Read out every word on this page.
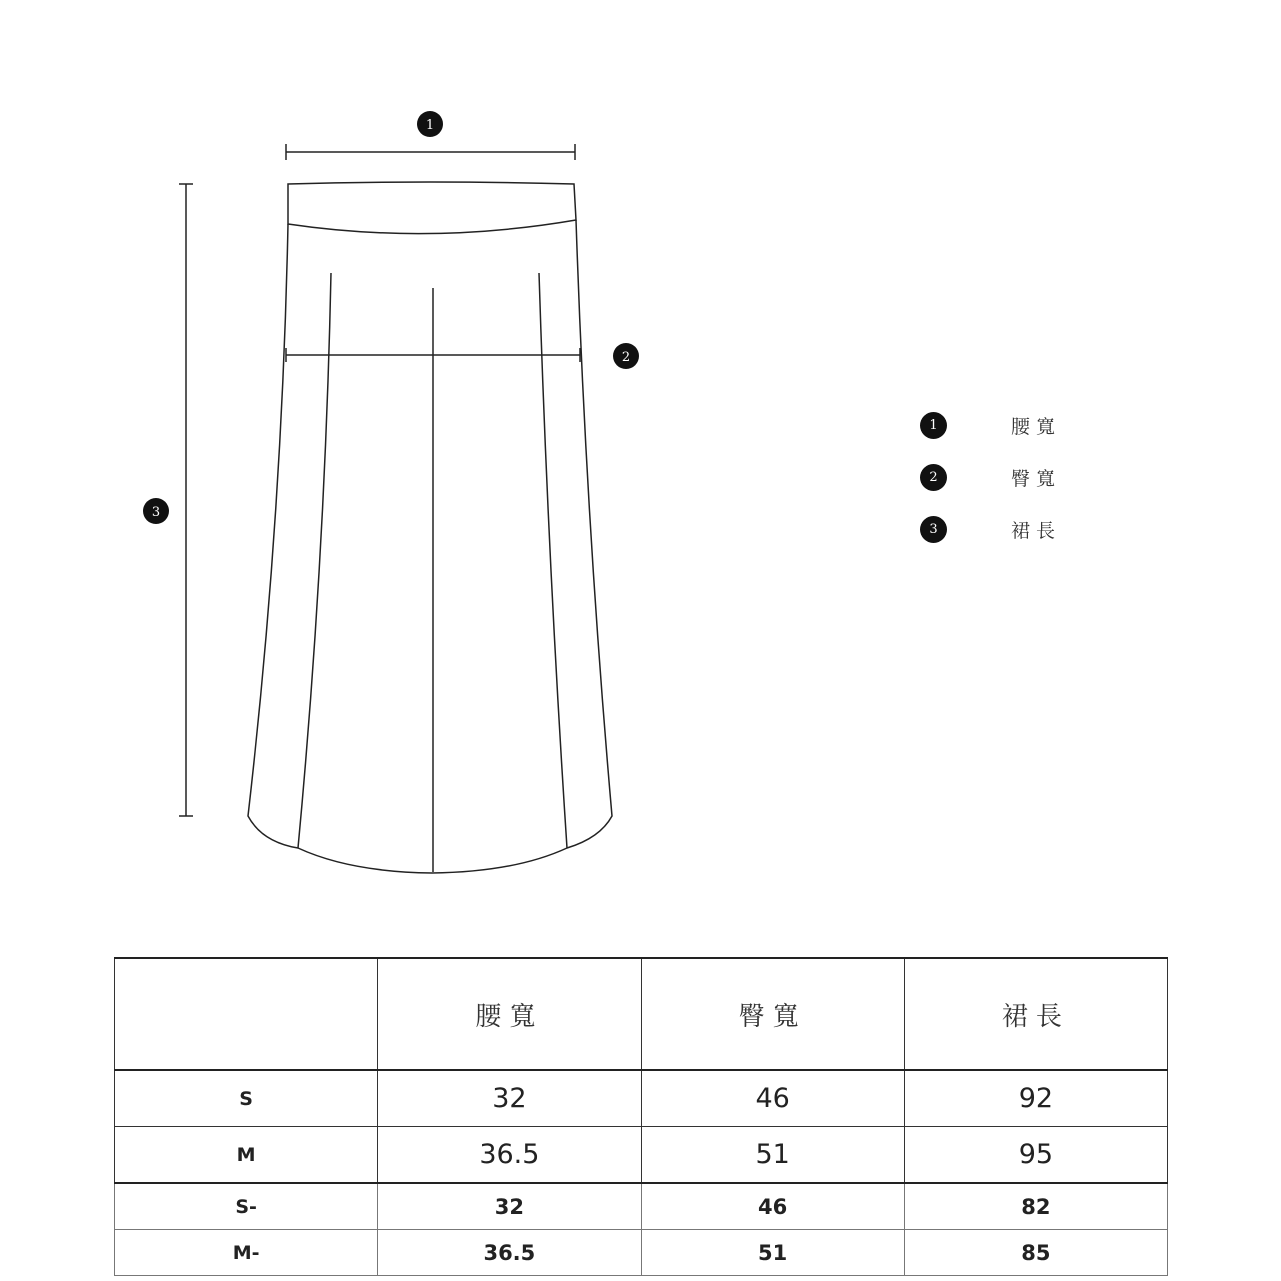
1
2
3
1	腰寬
2	臀寬
3	裙長
	腰寬	臀寬	裙長
S	32	46	92
M	36.5	51	95
S-	32	46	82
M-	36.5	51	85
